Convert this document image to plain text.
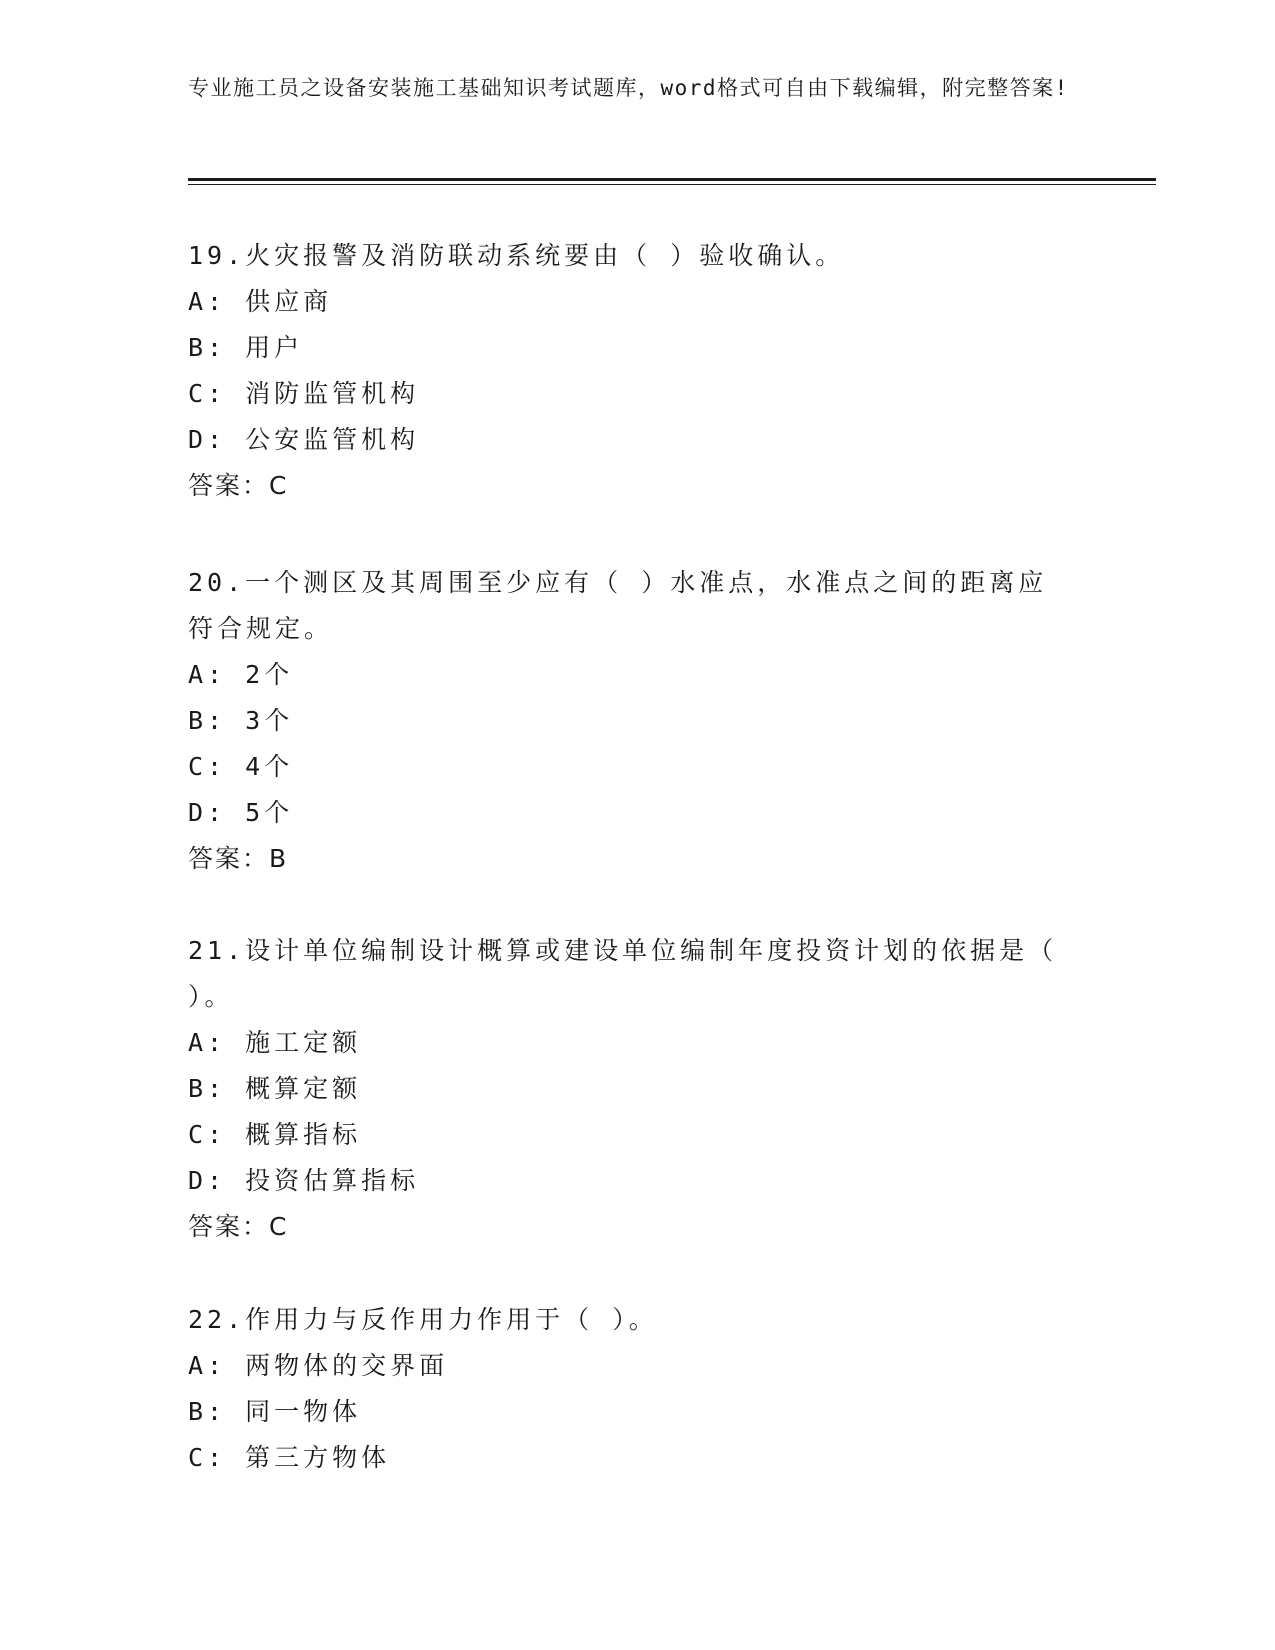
专业施工员之设备安装施工基础知识考试题库，word格式可自由下载编辑，附完整答案!
19.火灾报警及消防联动系统要由（ ）验收确认。
A: 供应商
B: 用户
C: 消防监管机构
D: 公安监管机构
答案：C
20.一个测区及其周围至少应有（ ）水准点，水准点之间的距离应符合规定。
A: 2个
B: 3个
C: 4个
D: 5个
答案：B
21.设计单位编制设计概算或建设单位编制年度投资计划的依据是（ ）。
A: 施工定额
B: 概算定额
C: 概算指标
D: 投资估算指标
答案：C
22.作用力与反作用力作用于（ ）。
A: 两物体的交界面
B: 同一物体
C: 第三方物体
